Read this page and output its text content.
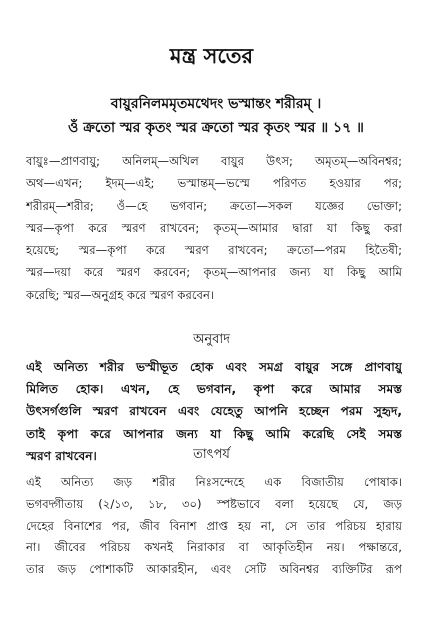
মন্ত্র সতের
বায়ুরনিলমমৃতমথেদং ভস্মান্তং শরীরম্ ।
ওঁ ক্রতো স্মর কৃতং স্মর ক্রতো স্মর কৃতং স্মর ॥ ১৭ ॥
বায়ুঃ—প্রাণবায়ু; অনিলম্—অখিল বায়ুর উৎস; অমৃতম্—অবিনশ্বর;
অথ—এখন; ইদম্—এই; ভস্মান্তম্—ভস্মে পরিণত হওয়ার পর;
শরীরম্—শরীর; ওঁ—হে ভগবান; ক্রতো—সকল যজ্ঞের ভোক্তা;
স্মর—কৃপা করে স্মরণ রাখবেন; কৃতম্—আমার দ্বারা যা কিছু করা
হয়েছে; স্মর—কৃপা করে স্মরণ রাখবেন; ক্রতো—পরম হিতৈষী;
স্মর—দয়া করে স্মরণ করবেন; কৃতম্—আপনার জন্য যা কিছু আমি
করেছি; স্মর—অনুগ্রহ করে স্মরণ করবেন।
অনুবাদ
এই অনিত্য শরীর ভস্মীভূত হোক এবং সমগ্র বায়ুর সঙ্গে প্রাণবায়ু
মিলিত হোক। এখন, হে ভগবান, কৃপা করে আমার সমস্ত
উৎসর্গগুলি স্মরণ রাখবেন এবং যেহেতু আপনি হচ্ছেন পরম সুহৃদ,
তাই কৃপা করে আপনার জন্য যা কিছু আমি করেছি সেই সমস্ত
স্মরণ রাখবেন।	তাৎপর্য
এই অনিত্য জড় শরীর নিঃসন্দেহে এক বিজাতীয় পোষাক।
ভগবদ্গীতায় (২/১৩, ১৮, ৩০) স্পষ্টভাবে বলা হয়েছে যে, জড়
দেহের বিনাশের পর, জীব বিনাশ প্রাপ্ত হয় না, সে তার পরিচয় হারায়
না। জীবের পরিচয় কখনই নিরাকার বা আকৃতিহীন নয়। পক্ষান্তরে,
তার জড় পোশাকটি আকারহীন, এবং সেটি অবিনশ্বর ব্যক্তিটির রূপ
